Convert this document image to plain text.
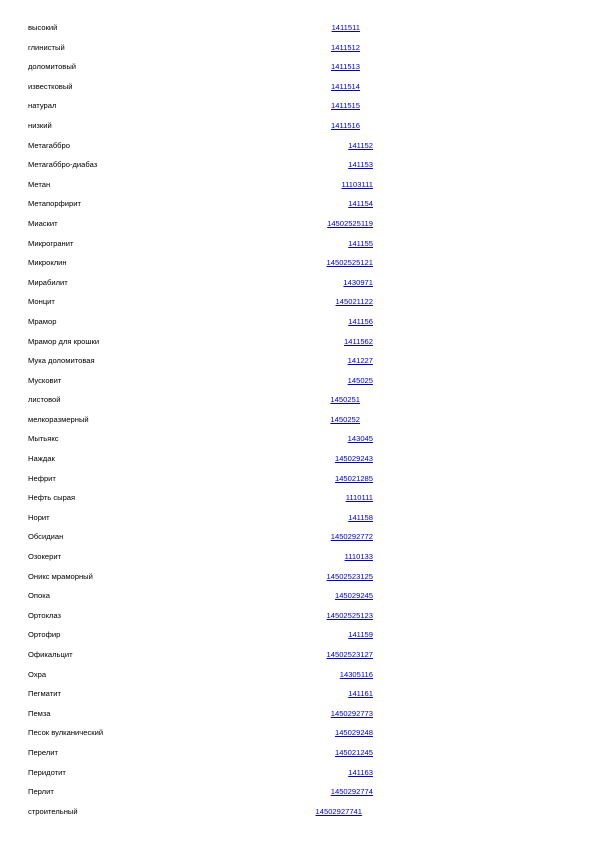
высокий	1411511
глинистый	1411512
доломитовый	1411513
известковый	1411514
натурал	1411515
низкий	1411516
Метагаббро	141152
Метагаббро-диабаз	141153
Метан	11103111
Метапорфирит	141154
Миаскит	14502525119
Микрогранит	141155
Микроклин	14502525121
Мирабилит	1430971
Монцит	145021122
Мрамор	141156
Мрамор для крошки	1411562
Мука доломитовая	141227
Мусковит	145025
листовой	1450251
мелкоразмерный	1450252
Мытьякс	143045
Наждак	145029243
Нефрит	145021285
Нефть сырая	1110111
Норит	141158
Обсидиан	1450292772
Озокерит	1110133
Оникс мраморный	14502523125
Опока	145029245
Ортоклаз	14502525123
Ортофир	141159
Офикальцит	14502523127
Охра	14305116
Пегматит	141161
Пемза	1450292773
Песок вулканический	145029248
Перелит	145021245
Перидотит	141163
Перлит	1450292774
строительный	14502927741
